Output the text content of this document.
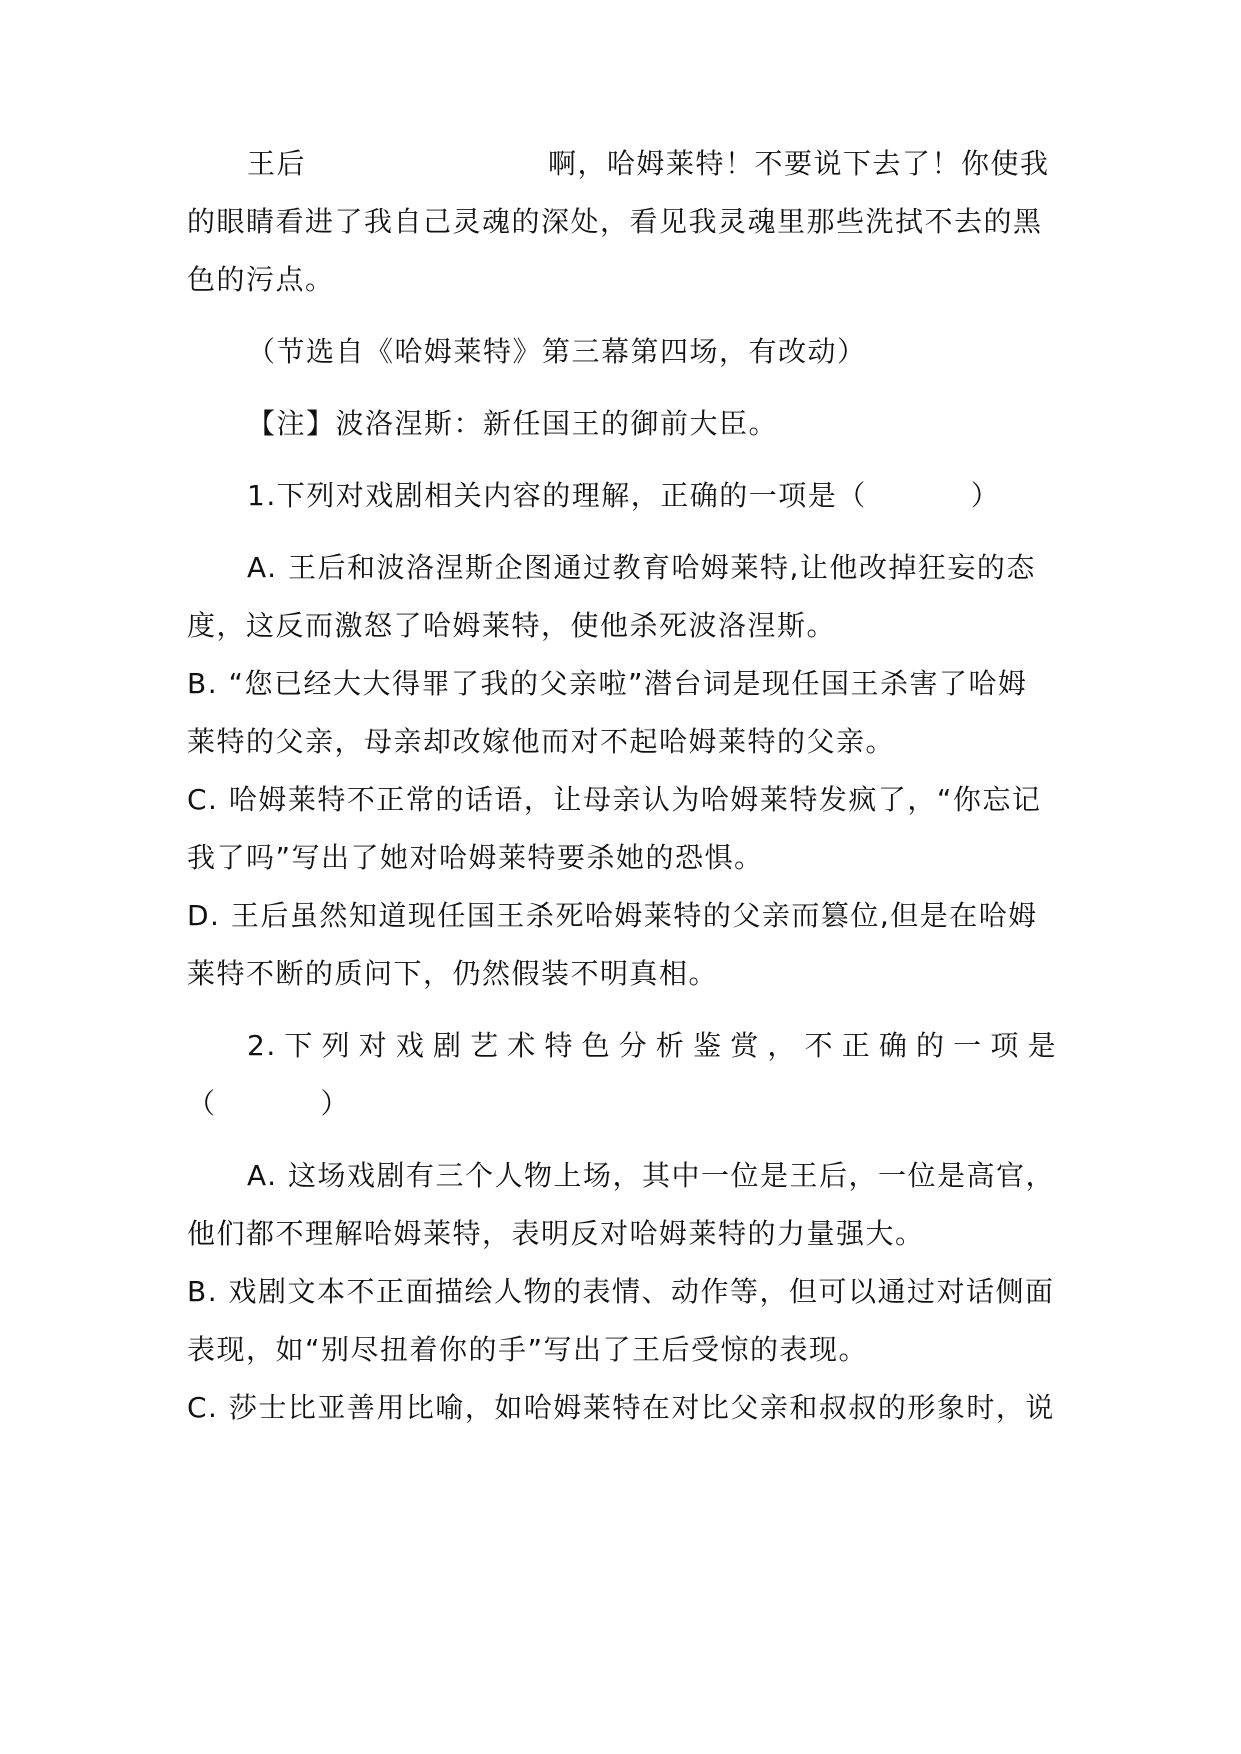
王后	啊，哈姆莱特！不要说下去了！你使我
的眼睛看进了我自己灵魂的深处，看见我灵魂里那些洗拭不去的黑
色的污点。
（节选自《哈姆莱特》第三幕第四场，有改动）
【注】波洛涅斯：新任国王的御前大臣。
1.下列对戏剧相关内容的理解，正确的一项是（          ）
A. 王后和波洛涅斯企图通过教育哈姆莱特,让他改掉狂妄的态
度，这反而激怒了哈姆莱特，使他杀死波洛涅斯。
B. “您已经大大得罪了我的父亲啦”潜台词是现任国王杀害了哈姆
莱特的父亲，母亲却改嫁他而对不起哈姆莱特的父亲。
C. 哈姆莱特不正常的话语，让母亲认为哈姆莱特发疯了，“你忘记
我了吗”写出了她对哈姆莱特要杀她的恐惧。
D. 王后虽然知道现任国王杀死哈姆莱特的父亲而篡位,但是在哈姆
莱特不断的质问下，仍然假装不明真相。
2.下列对戏剧艺术特色分析鉴赏，不正确的一项是
（          ）
A. 这场戏剧有三个人物上场，其中一位是王后，一位是高官，
他们都不理解哈姆莱特，表明反对哈姆莱特的力量强大。
B. 戏剧文本不正面描绘人物的表情、动作等，但可以通过对话侧面
表现，如“别尽扭着你的手”写出了王后受惊的表现。
C. 莎士比亚善用比喻，如哈姆莱特在对比父亲和叔叔的形象时，说
